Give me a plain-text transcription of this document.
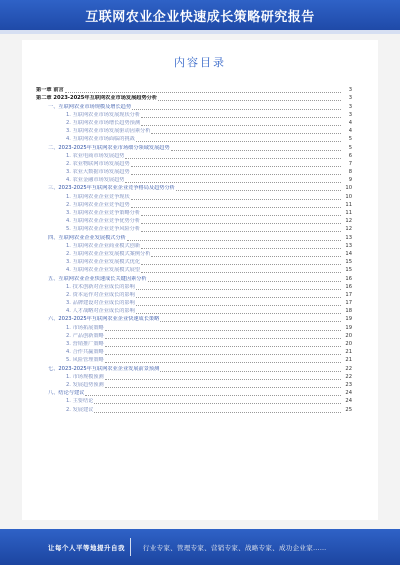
互联网农业企业快速成长策略研究报告
内容目录
第一章 前言	3
第二章 2023-2025年互联网农业市场发展趋势分析	3
一、互联网农业市场规模及增长趋势	3
1. 互联网农业市场发展现状分析	3
2. 互联网农业市场增长趋势预测	4
3. 互联网农业市场发展驱动因素分析	4
4. 互联网农业市场面临的挑战	5
二、2023-2025年互联网农业市场细分领域发展趋势	5
1. 农业电商市场发展趋势	6
2. 农业物联网市场发展趋势	7
3. 农业大数据市场发展趋势	8
4. 农业金融市场发展趋势	9
三、2023-2025年互联网农业企业竞争格局及趋势分析	10
1. 互联网农业企业竞争现状	10
2. 互联网农业企业竞争趋势	11
3. 互联网农业企业竞争策略分析	11
4. 互联网农业企业竞争优势分析	12
5. 互联网农业企业竞争风险分析	12
四、互联网农业企业发展模式分析	13
1. 互联网农业企业商业模式创新	13
2. 互联网农业企业发展模式案例分析	14
3. 互联网农业企业发展模式优化	15
4. 互联网农业企业发展模式展望	15
五、互联网农业企业快速成长关键因素分析	16
1. 技术创新对企业成长的影响	16
2. 资本运作对企业成长的影响	17
3. 品牌建设对企业成长的影响	17
4. 人才战略对企业成长的影响	18
六、2023-2025年互联网农业企业快速成长策略	19
1. 市场拓展策略	19
2. 产品创新策略	20
3. 营销推广策略	20
4. 合作共赢策略	21
5. 风险管理策略	21
七、2023-2025年互联网农业企业发展前景预测	22
1. 市场规模预测	22
2. 发展趋势预测	23
八、结论与建议	24
1. 主要结论	24
2. 发展建议	25
让每个人平等地提升自我	行业专家、管理专家、营销专家、战略专家、成功企业家……
